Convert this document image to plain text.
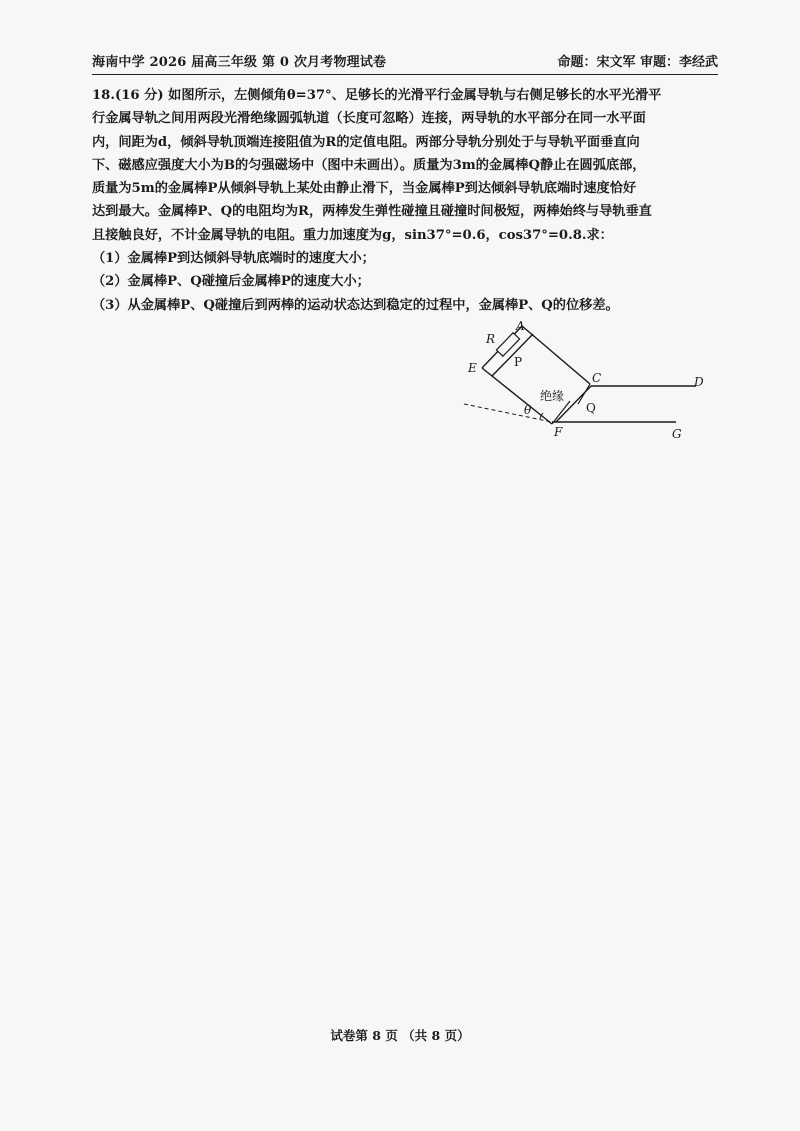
海南中学 2026 届高三年级 第 0 次月考物理试卷	命题：宋文军 审题：李经武

18.(16 分) 如图所示，左侧倾角θ=37°、足够长的光滑平行金属导轨与右侧足够长的水平光滑平

行金属导轨之间用两段光滑绝缘圆弧轨道（长度可忽略）连接，两导轨的水平部分在同一水平面

内，间距为d，倾斜导轨顶端连接阻值为R的定值电阻。两部分导轨分别处于与导轨平面垂直向

下、磁感应强度大小为B的匀强磁场中（图中未画出）。质量为3m的金属棒Q静止在圆弧底部，

质量为5m的金属棒P从倾斜导轨上某处由静止滑下，当金属棒P到达倾斜导轨底端时速度恰好

达到最大。金属棒P、Q的电阻均为R，两棒发生弹性碰撞且碰撞时间极短，两棒始终与导轨垂直

且接触良好，不计金属导轨的电阻。重力加速度为g，sin37°=0.6，cos37°=0.8.求：

（1）金属棒P到达倾斜导轨底端时的速度大小；

（2）金属棒P、Q碰撞后金属棒P的速度大小；

（3）从金属棒P、Q碰撞后到两棒的运动状态达到稳定的过程中，金属棒P、Q的位移差。

R
A
E	P
C	D
绝缘
θ	Q
F	G
试卷第 8 页 （共 8 页）
